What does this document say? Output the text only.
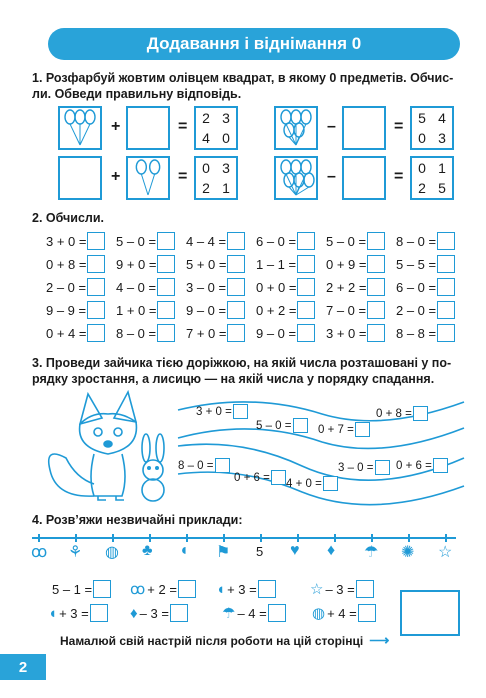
Додавання і віднімання 0
1. Розфарбуй жовтим олівцем квадрат, в якому 0 предметів. Обчис-
ли. Обведи правильну відповідь.
+	=	2 3
4 0
–	=	5 4
0 3
+	=	0 3
2 1
–	=	0 1
2 5
2. Обчисли.
3 + 0 = 5 – 0 = 4 – 4 = 6 – 0 = 5 – 0 = 8 – 0 =
0 + 8 = 9 + 0 = 5 + 0 = 1 – 1 = 0 + 9 = 5 – 5 =
2 – 0 = 4 – 0 = 3 – 0 = 0 + 0 = 2 + 2 = 6 – 0 =
9 – 9 = 1 + 0 = 9 – 0 = 0 + 2 = 7 – 0 = 2 – 0 =
0 + 4 = 8 – 0 = 7 + 0 = 9 – 0 = 3 + 0 = 8 – 8 =
3. Проведи зайчика тією доріжкою, на якій числа розташовані у по-
рядку зростання, а лисицю — на якій числа у порядку спадання.
3 + 0 =
5 – 0 = 0 + 7 =
0 + 8 =
8 – 0 =
0 + 6 = 4 + 0 =
3 – 0 = 0 + 6 =
4. Розв’яжи незвичайні приклади:
ꝏ ⚘ ◍ ♣ ◖ ⚑ 5 ♥ ♦ ☂ ✺ ☆
5 – 1 =	ꝏ + 2 =	◖ + 3 =	☆ – 3 =
◖ + 3 =	♦ – 3 =	☂ – 4 =	◍ + 4 =
Намалюй свій настрій після роботи на цій сторінці ⟶
2
